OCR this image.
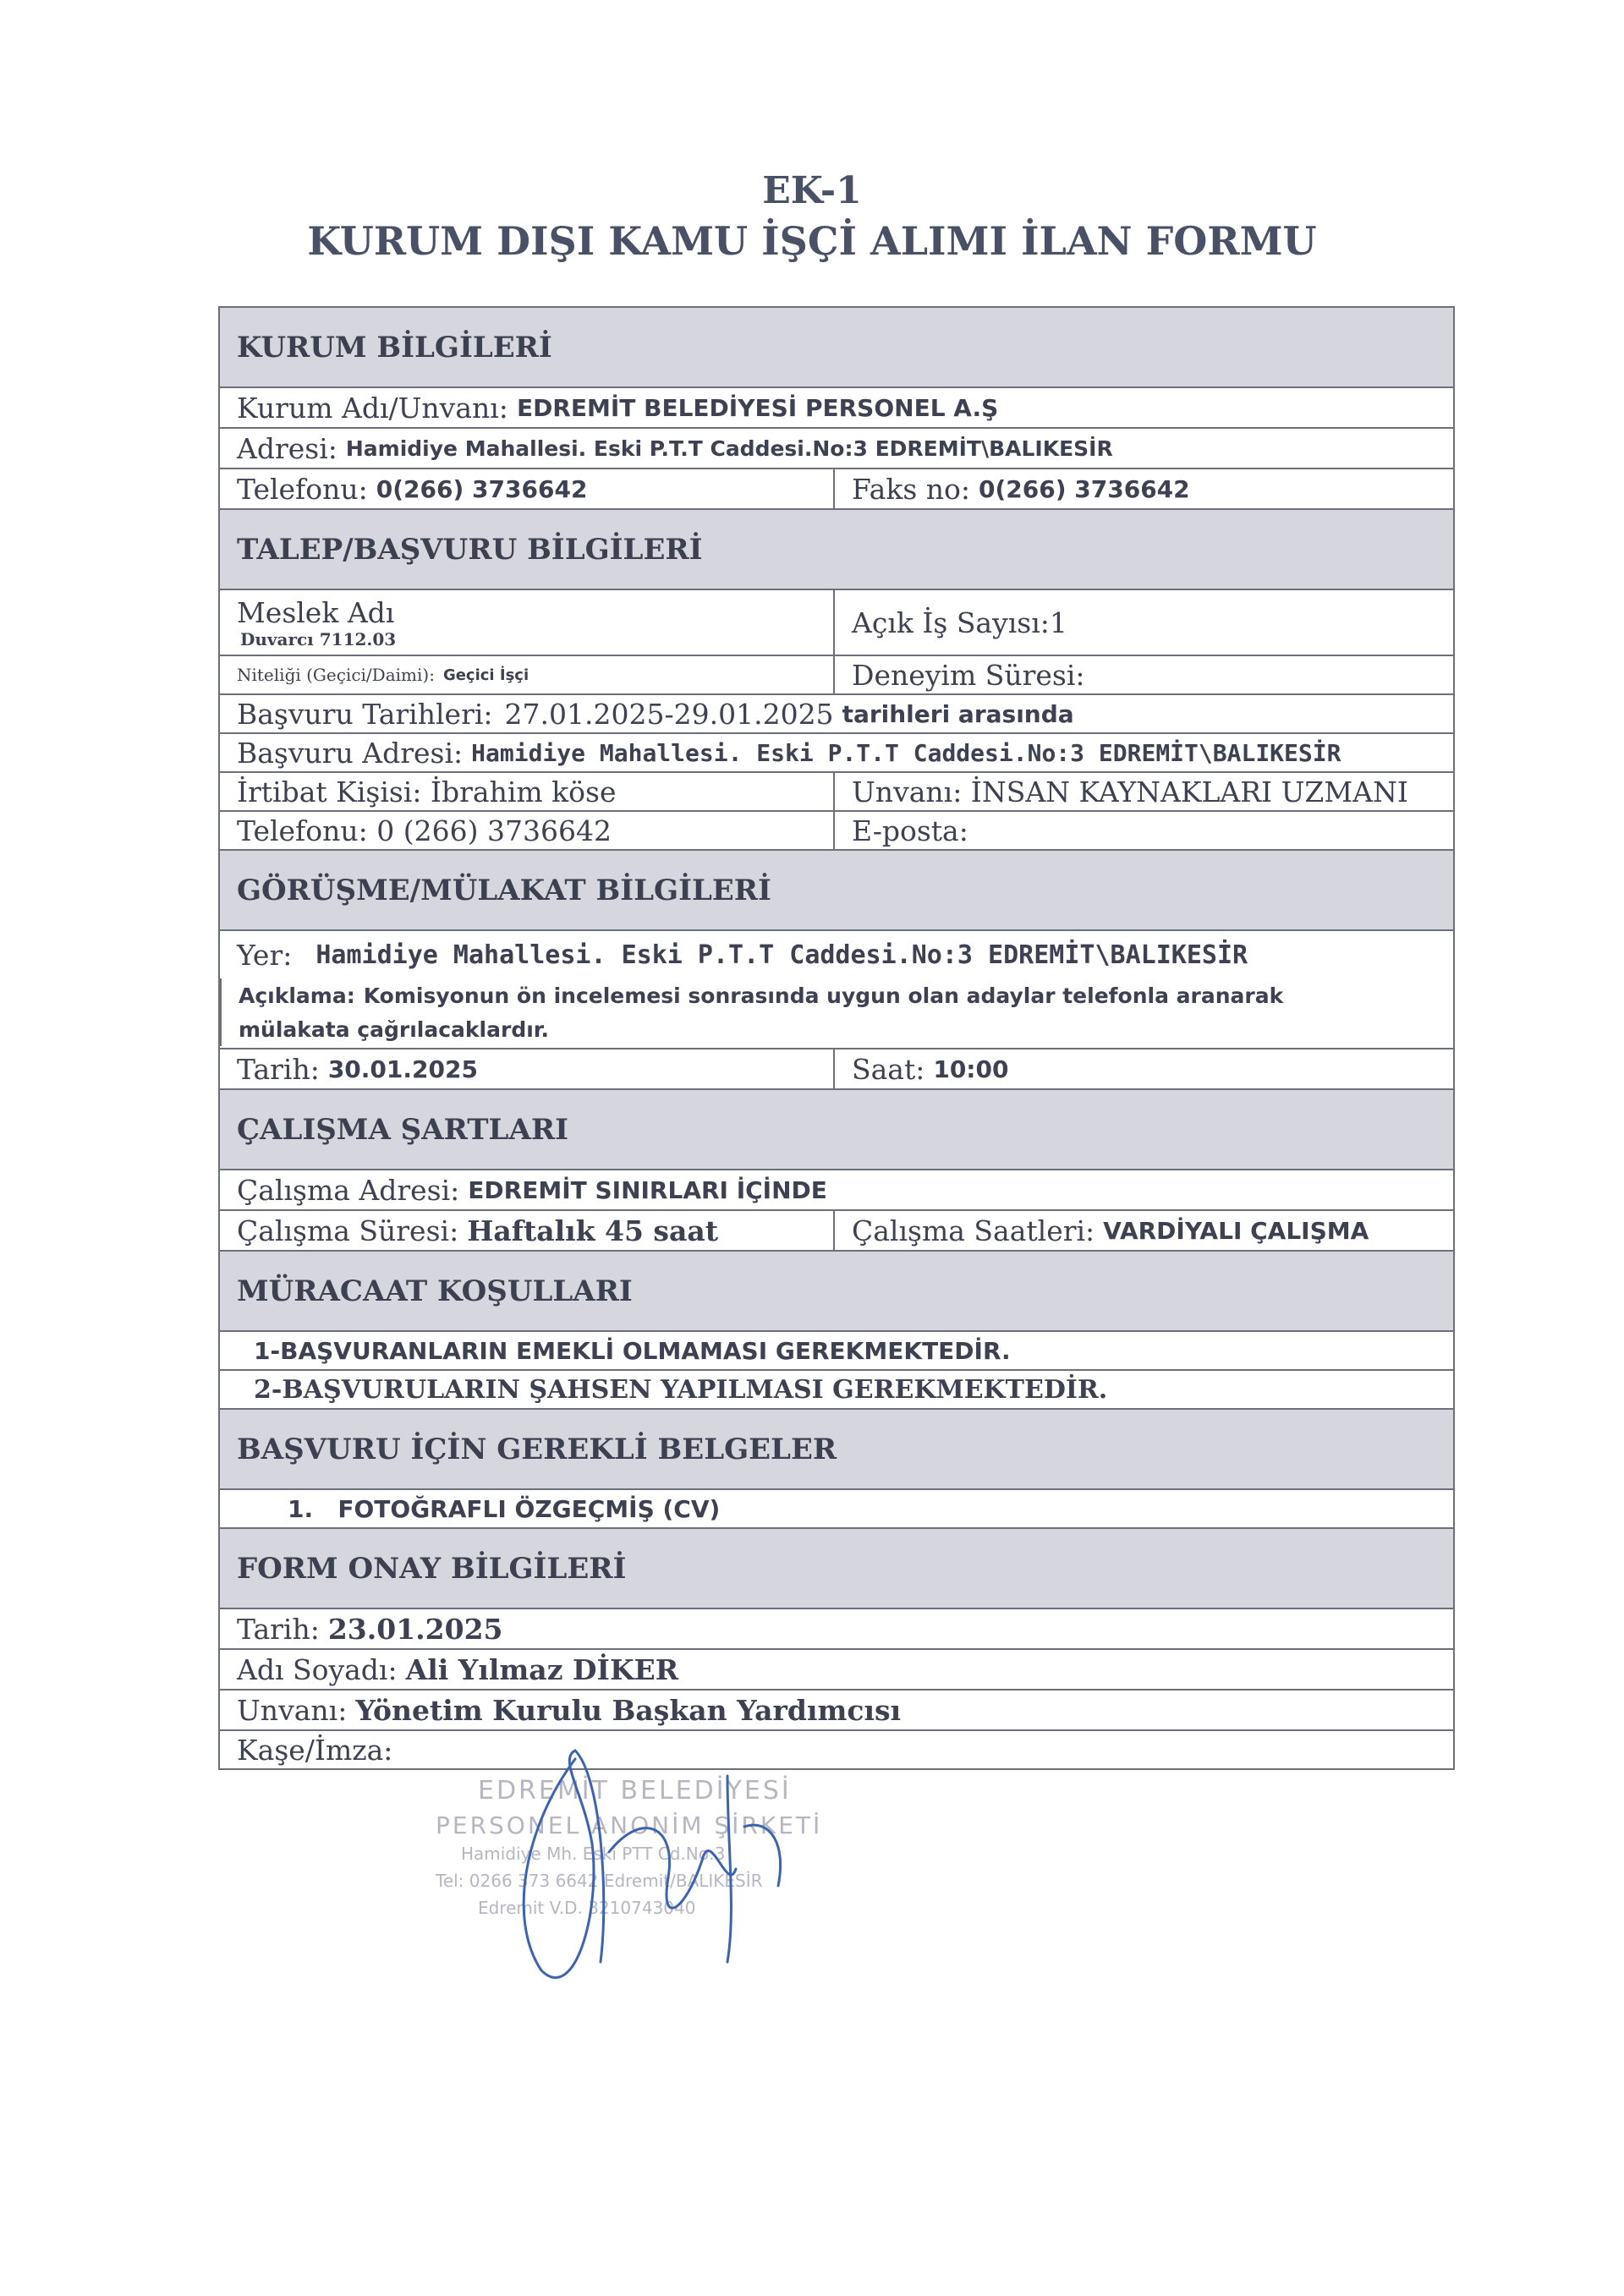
EK-1
KURUM DIŞI KAMU İŞÇİ ALIMI İLAN FORMU
KURUM BİLGİLERİ
Kurum Adı/Unvanı: EDREMİT BELEDİYESİ PERSONEL A.Ş
Adresi: Hamidiye Mahallesi. Eski P.T.T Caddesi.No:3 EDREMİT\BALIKESİR
Telefonu: 0(266) 3736642	Faks no: 0(266) 3736642
TALEP/BAŞVURU BİLGİLERİ
Meslek Adı
Duvarcı 7112.03	Açık İş Sayısı:1
Niteliği (Geçici/Daimi): Geçici İşçi	Deneyim Süresi:
Başvuru Tarihleri: 27.01.2025-29.01.2025 tarihleri arasında
Başvuru Adresi: Hamidiye Mahallesi. Eski P.T.T Caddesi.No:3 EDREMİT\BALIKESİR
İrtibat Kişisi: İbrahim köse	Unvanı: İNSAN KAYNAKLARI UZMANI
Telefonu: 0 (266) 3736642	E-posta:
GÖRÜŞME/MÜLAKAT BİLGİLERİ
Yer: Hamidiye Mahallesi. Eski P.T.T Caddesi.No:3 EDREMİT\BALIKESİR
Açıklama: Komisyonun ön incelemesi sonrasında uygun olan adaylar telefonla aranarak
mülakata çağrılacaklardır.
Tarih: 30.01.2025	Saat: 10:00
ÇALIŞMA ŞARTLARI
Çalışma Adresi: EDREMİT SINIRLARI İÇİNDE
Çalışma Süresi: Haftalık 45 saat	Çalışma Saatleri: VARDİYALI ÇALIŞMA
MÜRACAAT KOŞULLARI
1-BAŞVURANLARIN EMEKLİ OLMAMASI GEREKMEKTEDİR.
2-BAŞVURULARIN ŞAHSEN YAPILMASI GEREKMEKTEDİR.
BAŞVURU İÇİN GEREKLİ BELGELER
1.   FOTOĞRAFLI ÖZGEÇMİŞ (CV)
FORM ONAY BİLGİLERİ
Tarih: 23.01.2025
Adı Soyadı: Ali Yılmaz DİKER
Unvanı: Yönetim Kurulu Başkan Yardımcısı
Kaşe/İmza:
EDREMİT BELEDİYESİ
PERSONEL ANONİM ŞİRKETİ
Hamidiye Mh. Eski PTT Cd.No:3
Tel: 0266 373 6642 Edremit/BALIKESİR
Edremit V.D. 3210743040
